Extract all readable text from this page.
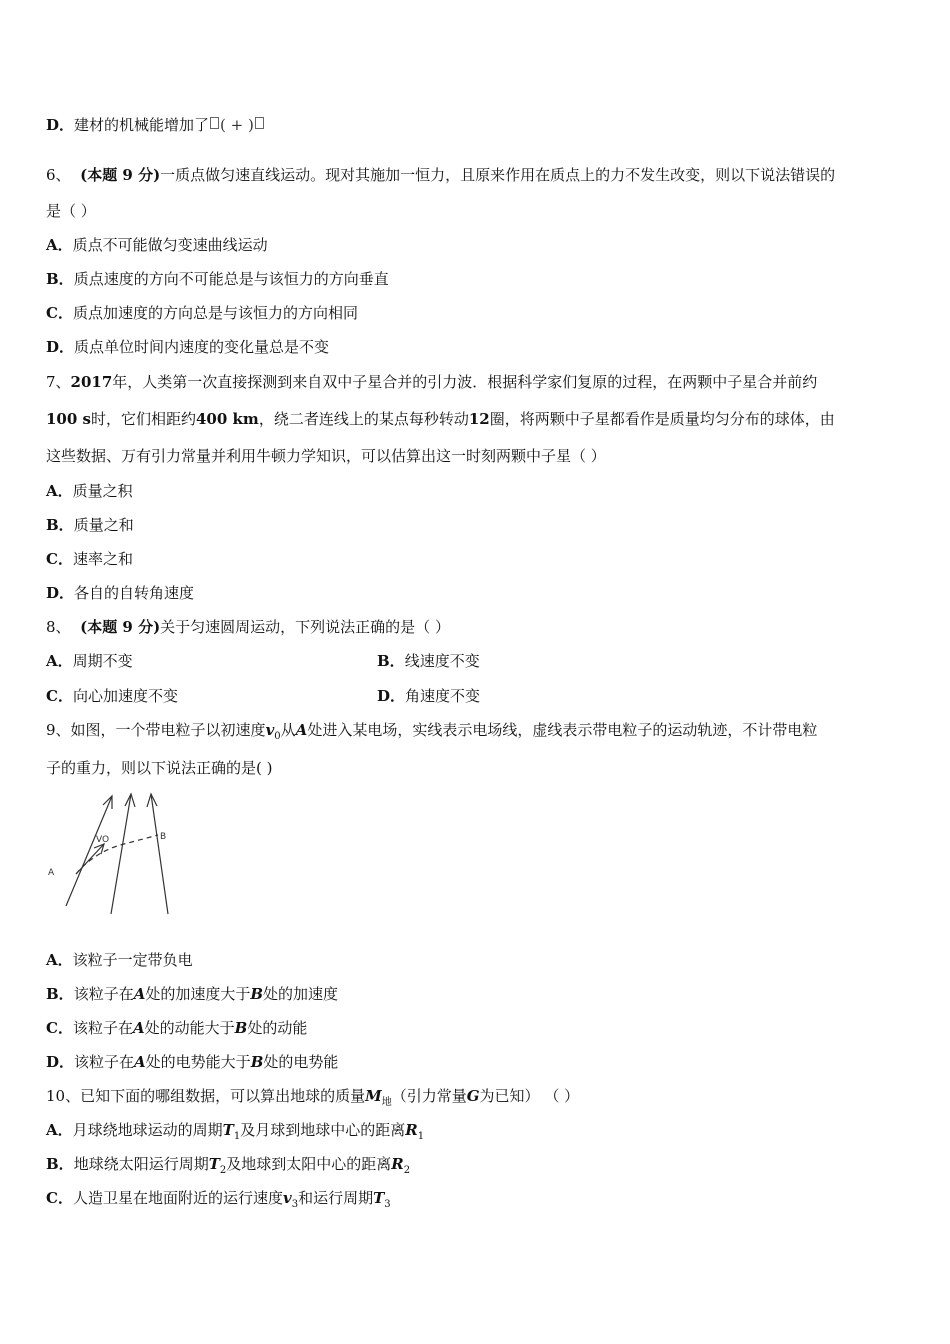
D．建材的机械能增加了 ( + )
6、 (本题 9 分)一质点做匀速直线运动。现对其施加一恒力，且原来作用在质点上的力不发生改变，则以下说法错误的
是（ ）
A．质点不可能做匀变速曲线运动
B．质点速度的方向不可能总是与该恒力的方向垂直
C．质点加速度的方向总是与该恒力的方向相同
D．质点单位时间内速度的变化量总是不变
7、2017年，人类第一次直接探测到来自双中子星合并的引力波．根据科学家们复原的过程，在两颗中子星合并前约
100 s时，它们相距约400 km，绕二者连线上的某点每秒转动12圈，将两颗中子星都看作是质量均匀分布的球体，由
这些数据、万有引力常量并利用牛顿力学知识，可以估算出这一时刻两颗中子星（ ）
A．质量之积
B．质量之和
C．速率之和
D．各自的自转角速度
8、 (本题 9 分)关于匀速圆周运动，下列说法正确的是（ ）
A．周期不变	B．线速度不变
C．向心加速度不变	D．角速度不变
9、如图，一个带电粒子以初速度$v_0$从A处进入某电场，实线表示电场线，虚线表示带电粒子的运动轨迹，不计带电粒
子的重力，则以下说法正确的是( )
A
B
VO
A．该粒子一定带负电
B．该粒子在A处的加速度大于B处的加速度
C．该粒子在A处的动能大于B处的动能
D．该粒子在A处的电势能大于B处的电势能
10、已知下面的哪组数据，可以算出地球的质量$M_地$（引力常量G为已知） （ ）
A．月球绕地球运动的周期$T_1$及月球到地球中心的距离$R_1$
B．地球绕太阳运行周期$T_2$及地球到太阳中心的距离$R_2$
C．人造卫星在地面附近的运行速度$v_3$和运行周期$T_3$
